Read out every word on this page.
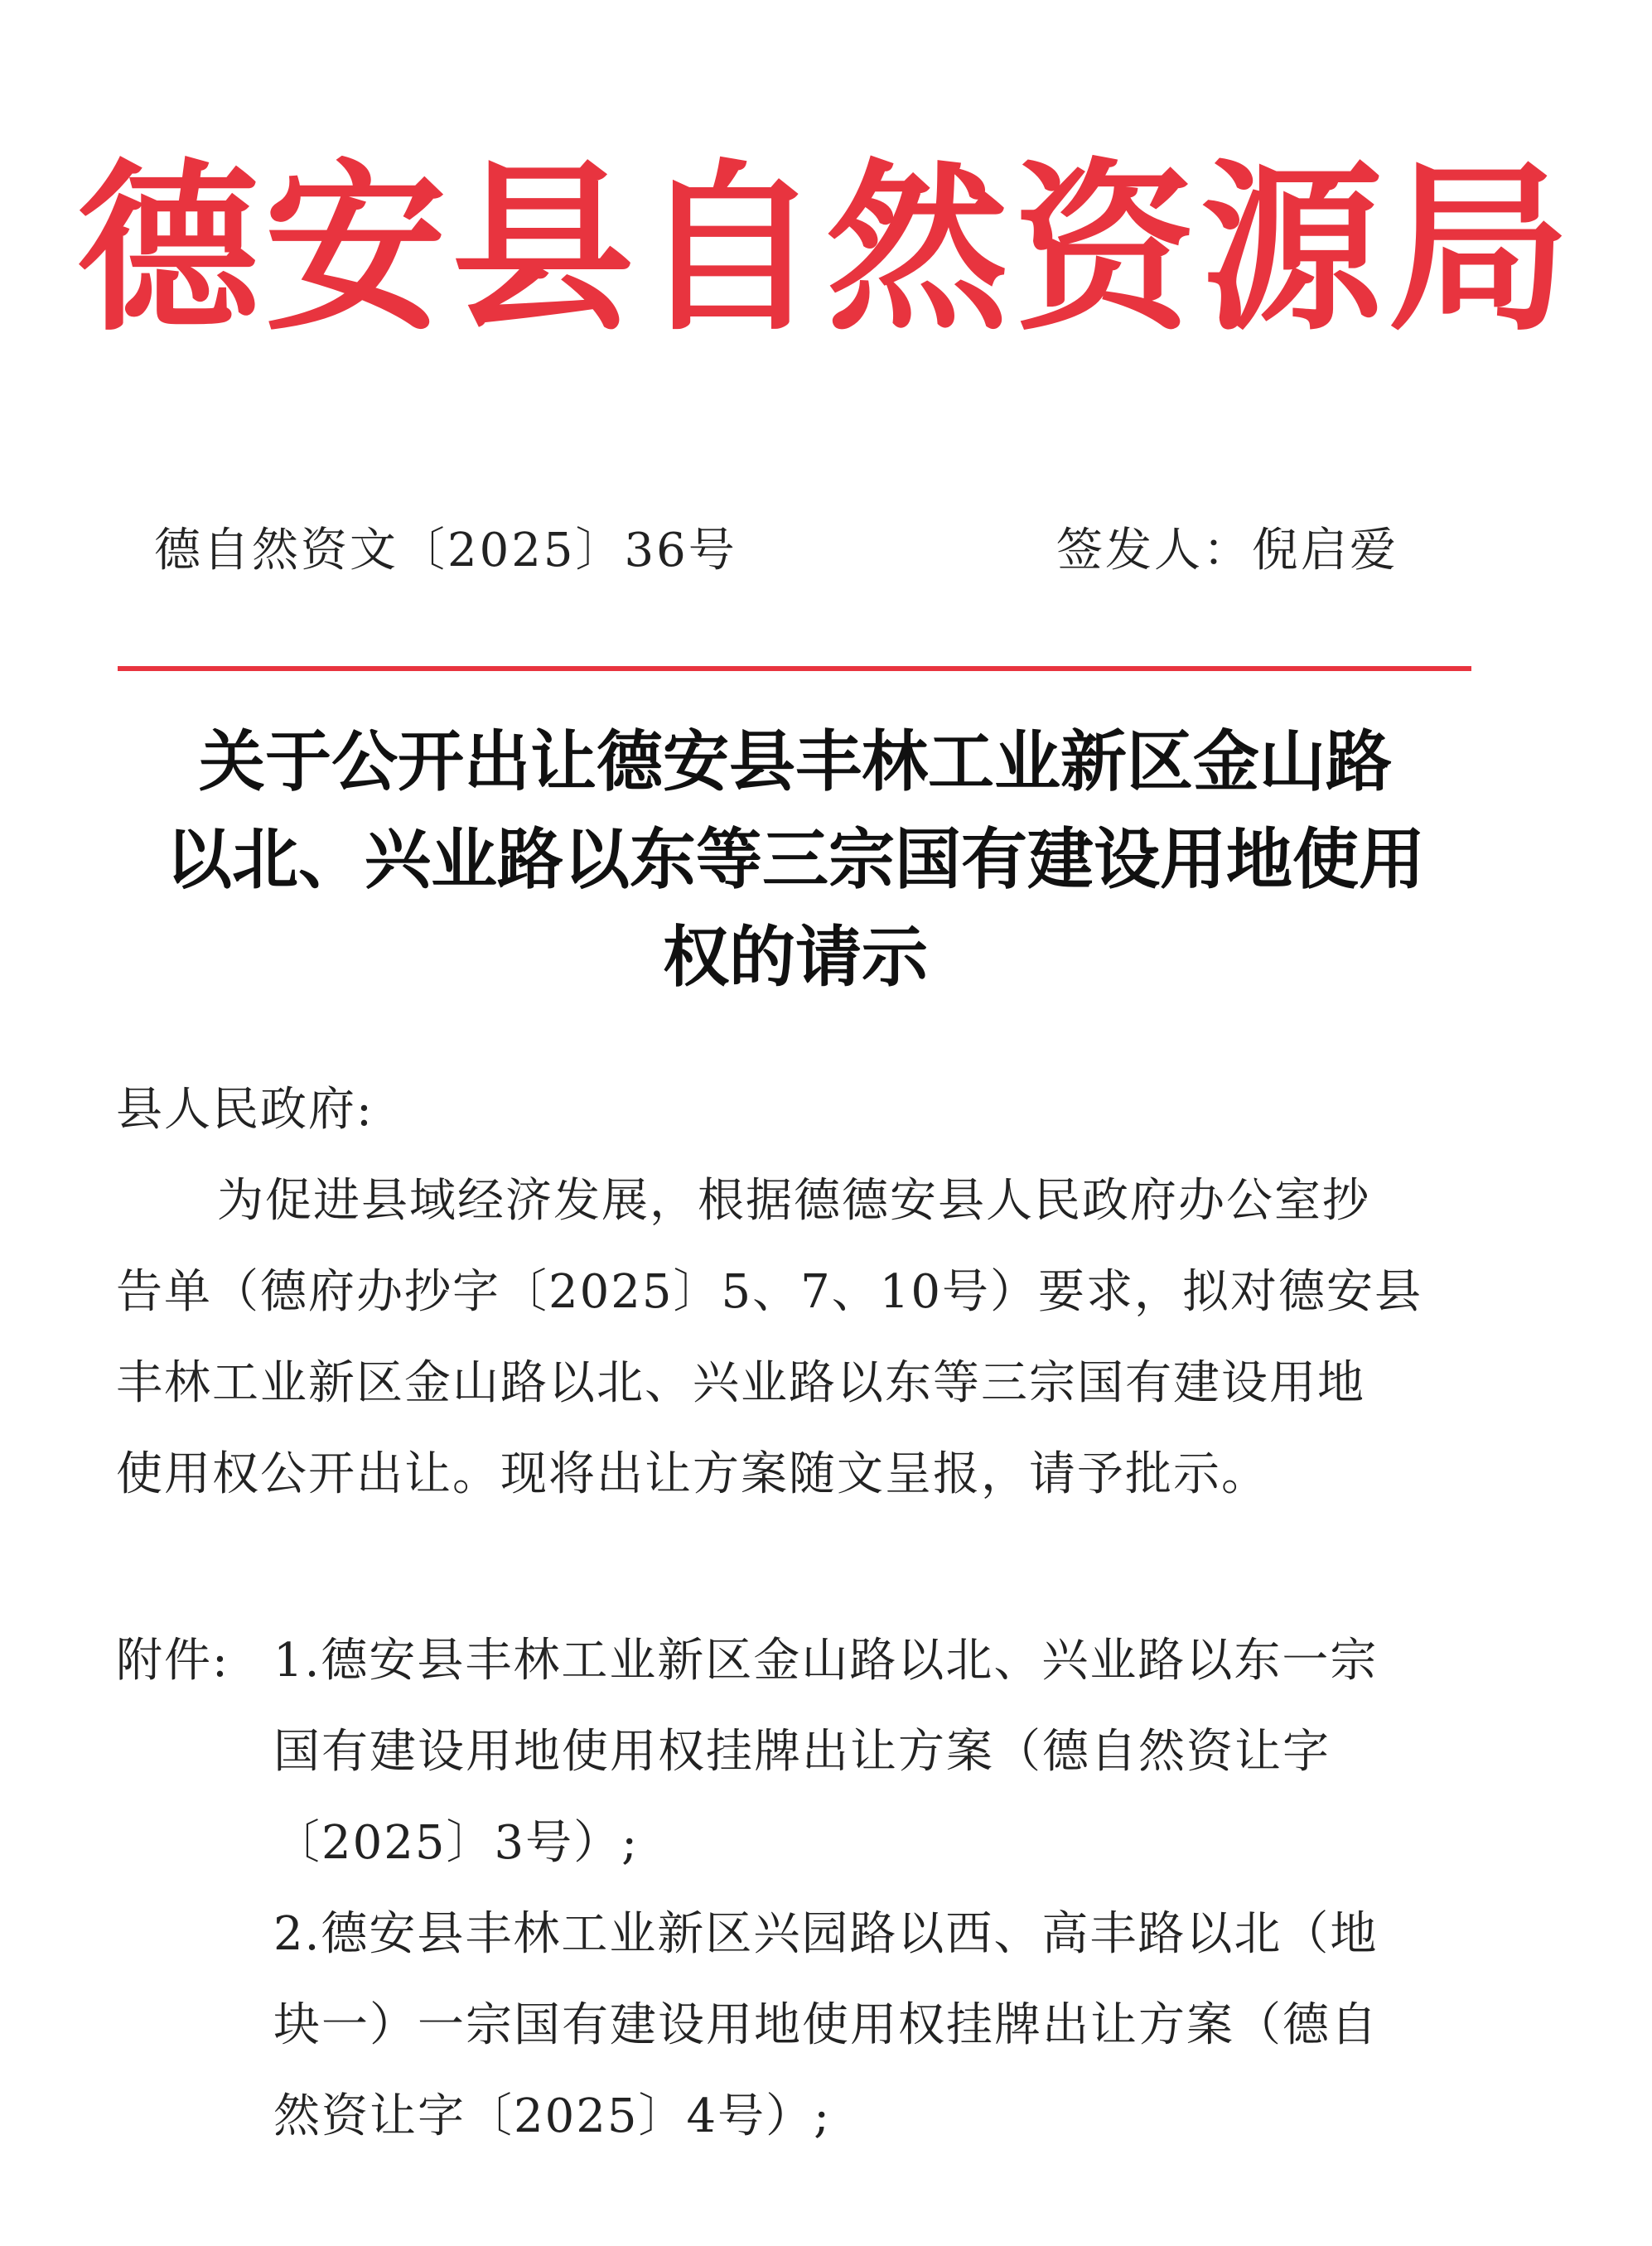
德安县自然资源局
德自然资文〔2025〕36号	签发人：倪启爱
关于公开出让德安县丰林工业新区金山路
以北、兴业路以东等三宗国有建设用地使用
权的请示
县人民政府:
为促进县域经济发展，根据德德安县人民政府办公室抄
告单（德府办抄字〔2025〕5、7、10号）要求，拟对德安县
丰林工业新区金山路以北、兴业路以东等三宗国有建设用地
使用权公开出让。现将出让方案随文呈报，请予批示。
附件: 1.德安县丰林工业新区金山路以北、兴业路以东一宗
国有建设用地使用权挂牌出让方案（德自然资让字
〔2025〕3号）;
2.德安县丰林工业新区兴园路以西、高丰路以北（地
块一）一宗国有建设用地使用权挂牌出让方案（德自
然资让字〔2025〕4号）;
